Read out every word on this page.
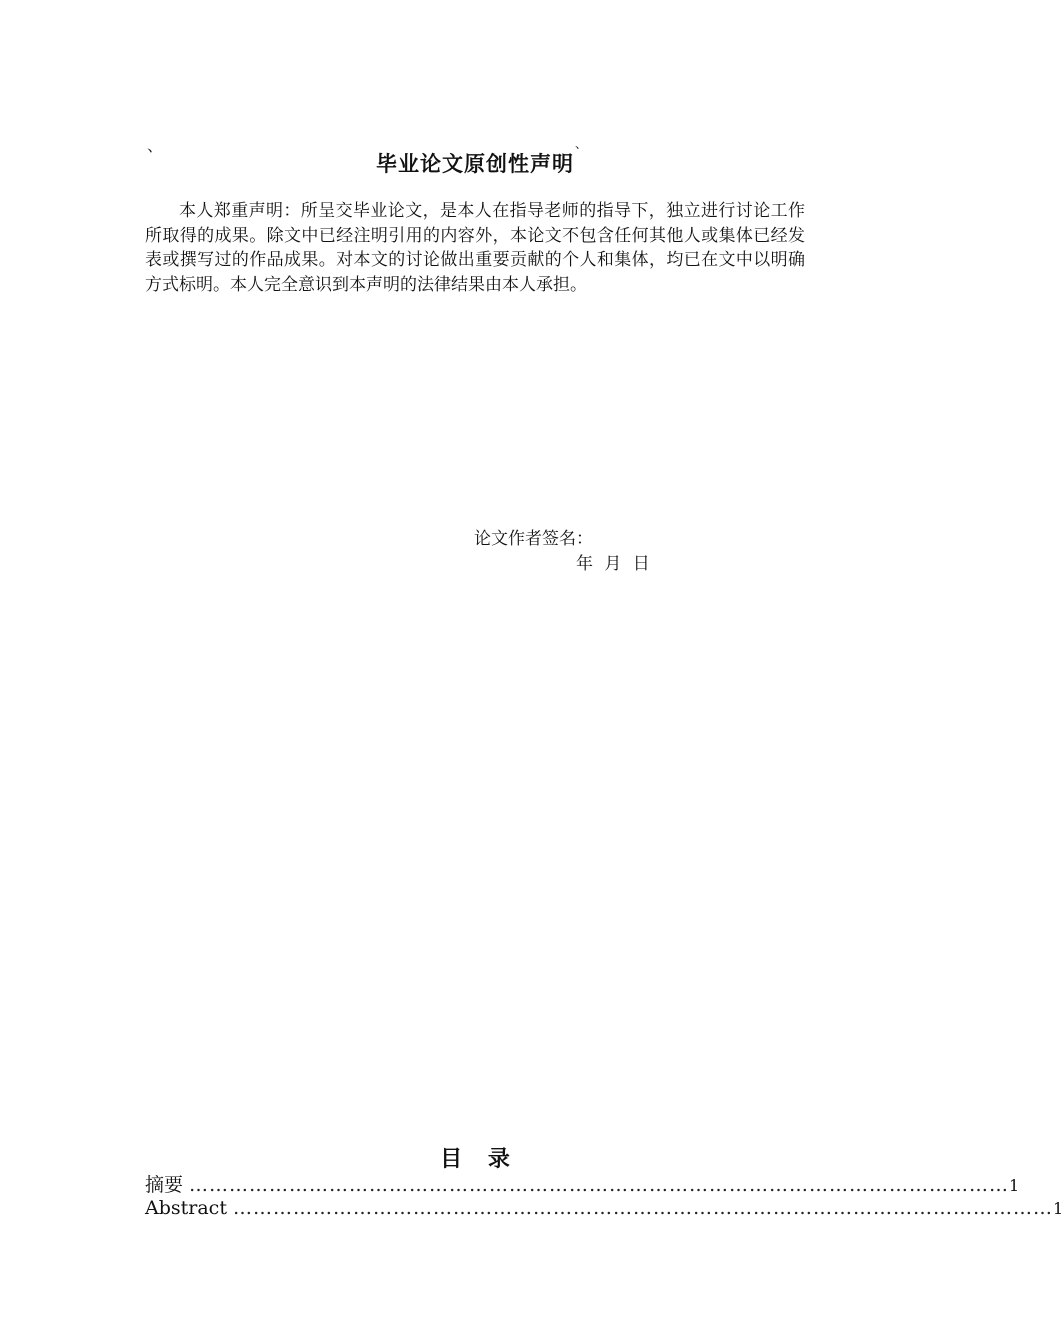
、	、
毕业论文原创性声明

本人郑重声明：所呈交毕业论文，是本人在指导老师的指导下，独立进行讨论工作所取得的成果。除文中已经注明引用的内容外，本论文不包含任何其他人或集体已经发表或撰写过的作品成果。对本文的讨论做出重要贡献的个人和集体，均已在文中以明确方式标明。本人完全意识到本声明的法律结果由本人承担。

论文作者签名：
年 月 日
目 录
摘要 …………………………………………………………………………………………………………… 1
Abstract …………………………………………………………………………………………………………… 1
